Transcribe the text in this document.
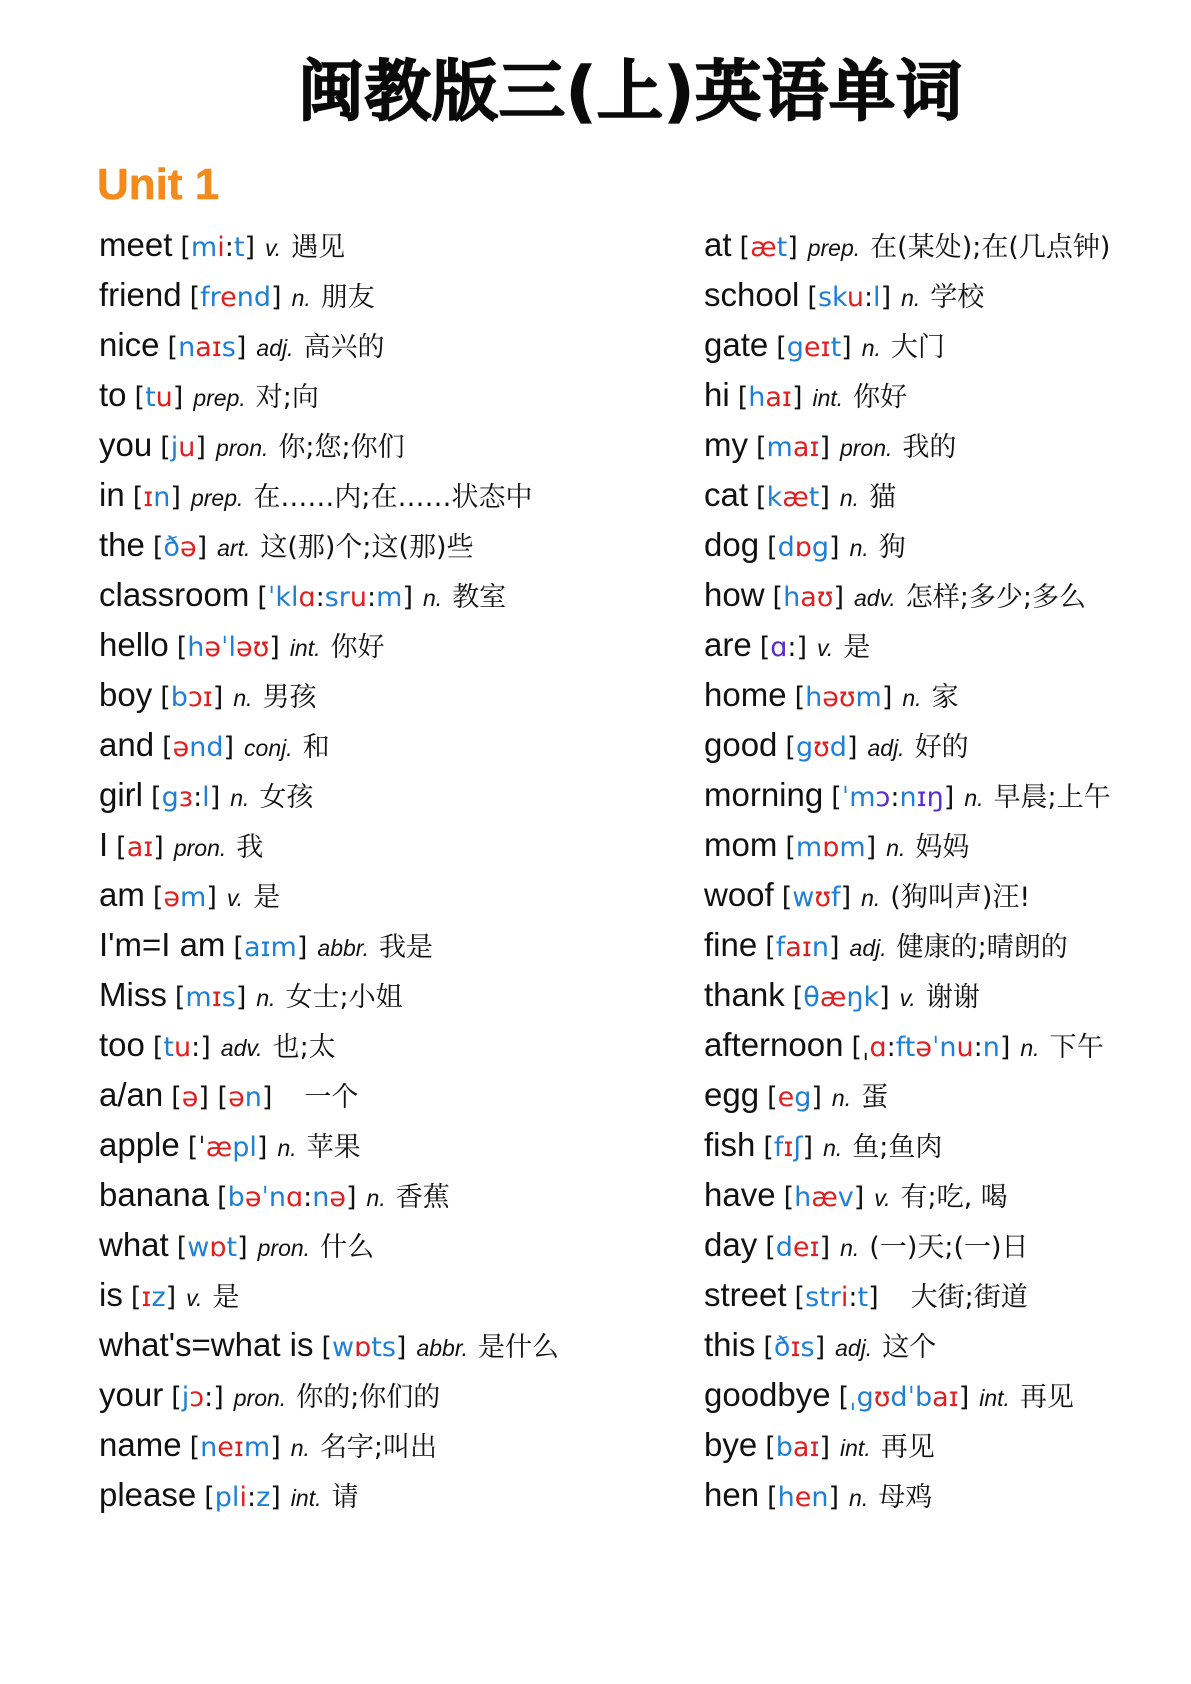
闽教版三(上)英语单词
Unit 1
meet [mi:t] v. 遇见
friend [frend] n. 朋友
nice [naɪs] adj. 高兴的
to [tu] prep. 对;向
you [ju] pron. 你;您;你们
in [ɪn] prep. 在……内;在……状态中
the [ðə] art. 这(那)个;这(那)些
classroom [ˈklɑ:sru:m] n. 教室
hello [həˈləʊ] int. 你好
boy [bɔɪ] n. 男孩
and [ənd] conj. 和
girl [gɜ:l] n. 女孩
I [aɪ] pron. 我
am [əm] v. 是
I'm=I am [aɪm] abbr. 我是
Miss [mɪs] n. 女士;小姐
too [tu:] adv. 也;太
a/an [ə] [ən] 一个
apple [ˈæpl] n. 苹果
banana [bəˈnɑ:nə] n. 香蕉
what [wɒt] pron. 什么
is [ɪz] v. 是
what's=what is [wɒts] abbr. 是什么
your [jɔ:] pron. 你的;你们的
name [neɪm] n. 名字;叫出
please [pli:z] int. 请
at [æt] prep. 在(某处);在(几点钟)
school [sku:l] n. 学校
gate [geɪt] n. 大门
hi [haɪ] int. 你好
my [maɪ] pron. 我的
cat [kæt] n. 猫
dog [dɒg] n. 狗
how [haʊ] adv. 怎样;多少;多么
are [ɑ:] v. 是
home [həʊm] n. 家
good [gʊd] adj. 好的
morning [ˈmɔ:nɪŋ] n. 早晨;上午
mom [mɒm] n. 妈妈
woof [wʊf] n. (狗叫声)汪!
fine [faɪn] adj. 健康的;晴朗的
thank [θæŋk] v. 谢谢
afternoon [ˌɑ:ftəˈnu:n] n. 下午
egg [eg] n. 蛋
fish [fɪʃ] n. 鱼;鱼肉
have [hæv] v. 有;吃, 喝
day [deɪ] n. (一)天;(一)日
street [stri:t] 大街;街道
this [ðɪs] adj. 这个
goodbye [ˌgʊdˈbaɪ] int. 再见
bye [baɪ] int. 再见
hen [hen] n. 母鸡
